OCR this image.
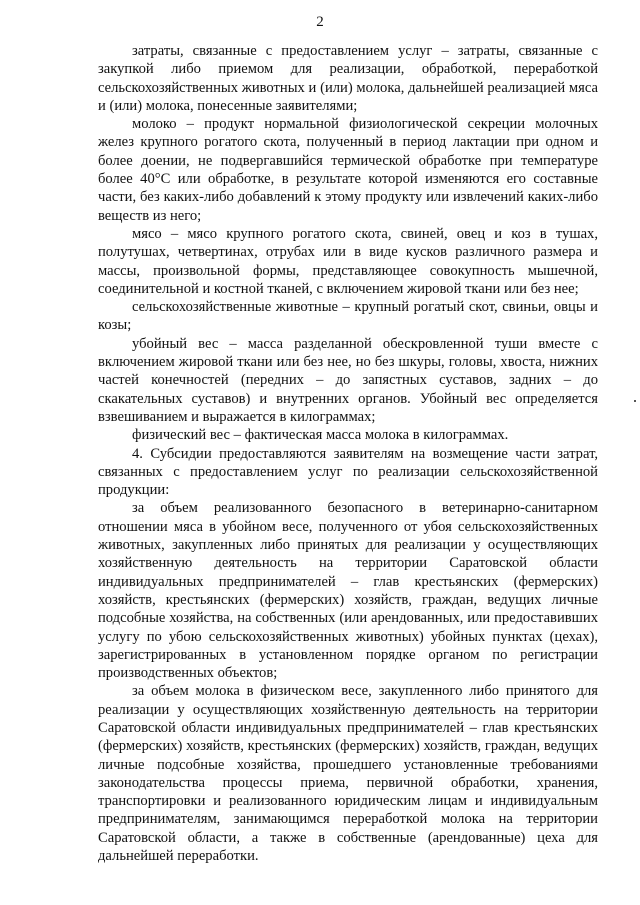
2

затраты, связанные с предоставлением услуг – затраты, связанные с закупкой либо приемом для реализации, обработкой, переработкой сельскохозяйственных животных и (или) молока, дальнейшей реализацией мяса и (или) молока, понесенные заявителями;

молоко – продукт нормальной физиологической секреции молочных желез крупного рогатого скота, полученный в период лактации при одном и более доении, не подвергавшийся термической обработке при температуре более 40°С или обработке, в результате которой изменяются его составные части, без каких-либо добавлений к этому продукту или извлечений каких-либо веществ из него;

мясо – мясо крупного рогатого скота, свиней, овец и коз в тушах, полутушах, четвертинах, отрубах или в виде кусков различного размера и массы, произвольной формы, представляющее совокупность мышечной, соединительной и костной тканей, с включением жировой ткани или без нее;

сельскохозяйственные животные – крупный рогатый скот, свиньи, овцы и козы;

убойный вес – масса разделанной обескровленной туши вместе с включением жировой ткани или без нее, но без шкуры, головы, хвоста, нижних частей конечностей (передних – до запястных суставов, задних – до скакательных суставов) и внутренних органов. Убойный вес определяется взвешиванием и выражается в килограммах;

физический вес – фактическая масса молока в килограммах.

4. Субсидии предоставляются заявителям на возмещение части затрат, связанных с предоставлением услуг по реализации сельскохозяйственной продукции:

за объем реализованного безопасного в ветеринарно-санитарном отношении мяса в убойном весе, полученного от убоя сельскохозяйственных животных, закупленных либо принятых для реализации у осуществляющих хозяйственную деятельность на территории Саратовской области индивидуальных предпринимателей – глав крестьянских (фермерских) хозяйств, крестьянских (фермерских) хозяйств, граждан, ведущих личные подсобные хозяйства, на собственных (или арендованных, или предоставивших услугу по убою сельскохозяйственных животных) убойных пунктах (цехах), зарегистрированных в установленном порядке органом по регистрации производственных объектов;

за объем молока в физическом весе, закупленного либо принятого для реализации у осуществляющих хозяйственную деятельность на территории Саратовской области индивидуальных предпринимателей – глав крестьянских (фермерских) хозяйств, крестьянских (фермерских) хозяйств, граждан, ведущих личные подсобные хозяйства, прошедшего установленные требованиями законодательства процессы приема, первичной обработки, хранения, транспортировки и реализованного юридическим лицам и индивидуальным предпринимателям, занимающимся переработкой молока на территории Саратовской области, а также в собственные (арендованные) цеха для дальнейшей переработки.
